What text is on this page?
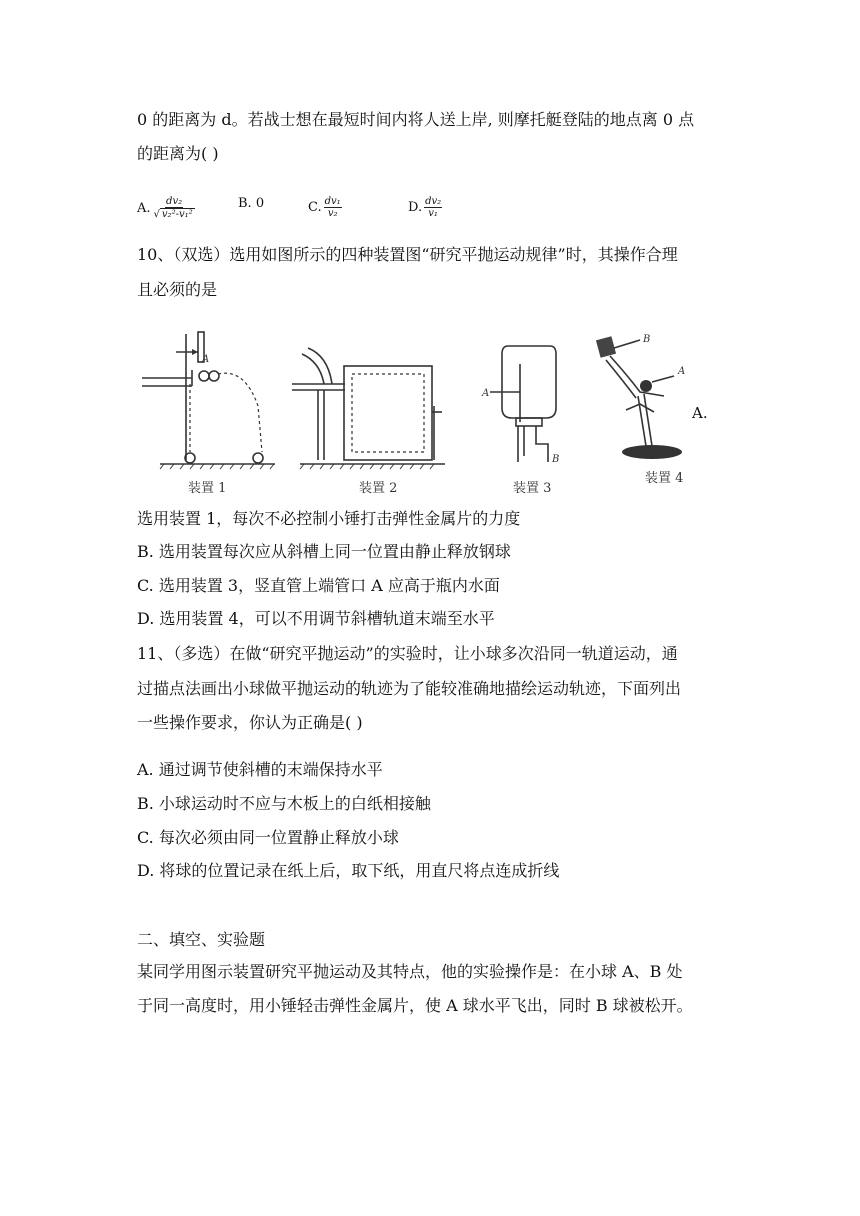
0 的距离为 d。若战士想在最短时间内将人送上岸, 则摩托艇登陆的地点离 0 点
的距离为( )
A. $\frac{\text{dv₂}}{\text{√ v₂²-v₁²}}$	B. 0	C. $\frac{\text{dv₁}}{\text{v₂}}$	D. $\frac{\text{dv₂}}{\text{v₁}}$
10、（双选）选用如图所示的四种装置图“研究平抛运动规律”时，其操作合理
且必须的是
A
A
B
B
A
装置 1	装置 2	装置 3
装置 4
A.
选用装置 1，每次不必控制小锤打击弹性金属片的力度
B. 选用装置每次应从斜槽上同一位置由静止释放钢球
C. 选用装置 3，竖直管上端管口 A 应高于瓶内水面
D. 选用装置 4，可以不用调节斜槽轨道末端至水平
11、（多选）在做“研究平抛运动”的实验时，让小球多次沿同一轨道运动，通
过描点法画出小球做平抛运动的轨迹为了能较准确地描绘运动轨迹，下面列出
一些操作要求，你认为正确是( )
A. 通过调节使斜槽的末端保持水平
B. 小球运动时不应与木板上的白纸相接触
C. 每次必须由同一位置静止释放小球
D. 将球的位置记录在纸上后，取下纸，用直尺将点连成折线
二、填空、实验题
某同学用图示装置研究平抛运动及其特点，他的实验操作是：在小球 A、B 处
于同一高度时，用小锤轻击弹性金属片，使 A 球水平飞出，同时 B 球被松开。
